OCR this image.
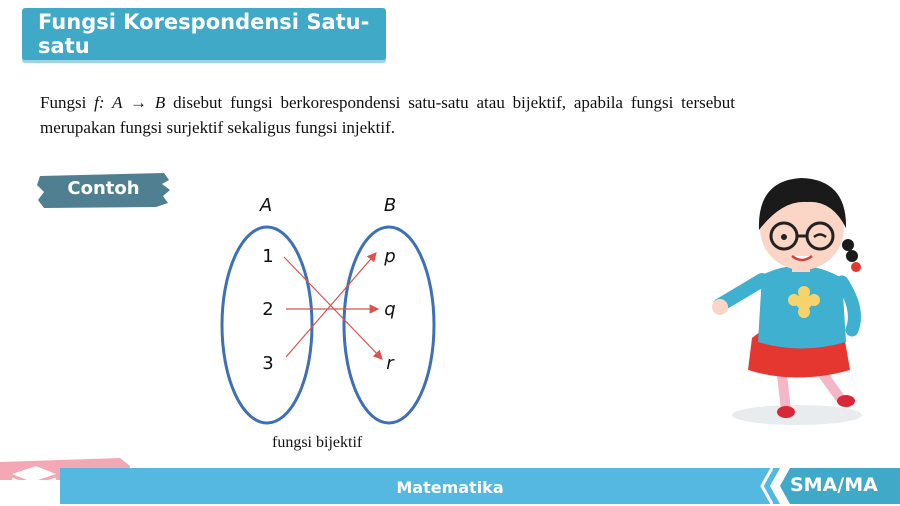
Fungsi Korespondensi Satu-satu
Fungsi f: A → B disebut fungsi berkorespondensi satu-satu atau bijektif, apabila fungsi tersebut merupakan fungsi surjektif sekaligus fungsi injektif.
Contoh
A	B
1
2
3
p
q
r
fungsi bijektif
Matematika	SMA/MA
